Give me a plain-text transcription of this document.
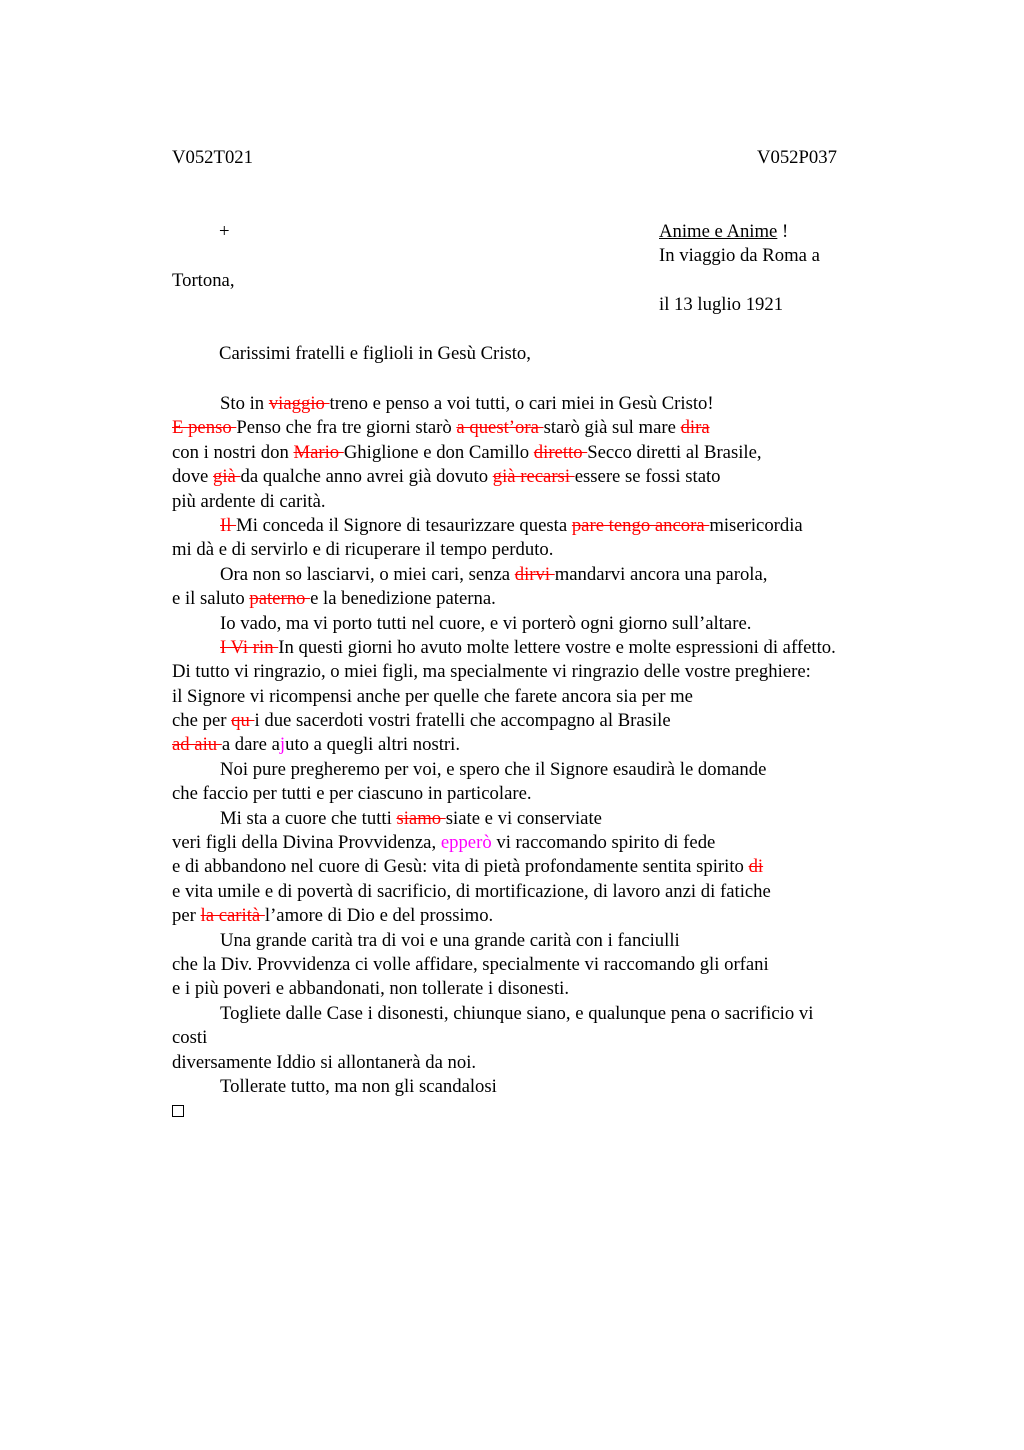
V052T021	V052P037
+	Anime e Anime !
In viaggio da Roma a
Tortona,
il 13 luglio 1921
Carissimi fratelli e figlioli in Gesù Cristo,
Sto in viaggio treno e penso a voi tutti, o cari miei in Gesù Cristo!
E penso Penso che fra tre giorni starò a quest’ora starò già sul mare dira
con i nostri don Mario Ghiglione e don Camillo diretto Secco diretti al Brasile,
dove già da qualche anno avrei già dovuto già recarsi essere se fossi stato
più ardente di carità.
Il Mi conceda il Signore di tesaurizzare questa pare tengo ancora misericordia
mi dà e di servirlo e di ricuperare il tempo perduto.
Ora non so lasciarvi, o miei cari, senza dirvi mandarvi ancora una parola,
e il saluto paterno e la benedizione paterna.
Io vado, ma vi porto tutti nel cuore, e vi porterò ogni giorno sull’altare.
I Vi rin In questi giorni ho avuto molte lettere vostre e molte espressioni di affetto.
Di tutto vi ringrazio, o miei figli, ma specialmente vi ringrazio delle vostre preghiere:
il Signore vi ricompensi anche per quelle che farete ancora sia per me
che per qu i due sacerdoti vostri fratelli che accompagno al Brasile
ad aiu a dare ajuto a quegli altri nostri.
Noi pure pregheremo per voi, e spero che il Signore esaudirà le domande
che faccio per tutti e per ciascuno in particolare.
Mi sta a cuore che tutti siamo siate e vi conserviate
veri figli della Divina Provvidenza, epperò vi raccomando spirito di fede
e di abbandono nel cuore di Gesù: vita di pietà profondamente sentita spirito di
e vita umile e di povertà di sacrificio, di mortificazione, di lavoro anzi di fatiche
per la carità l’amore di Dio e del prossimo.
Una grande carità tra di voi e una grande carità con i fanciulli
che la Div. Provvidenza ci volle affidare, specialmente vi raccomando gli orfani
e i più poveri e abbandonati, non tollerate i disonesti.
Togliete dalle Case i disonesti, chiunque siano, e qualunque pena o sacrificio vi
costi
diversamente Iddio si allontanerà da noi.
Tollerate tutto, ma non gli scandalosi
